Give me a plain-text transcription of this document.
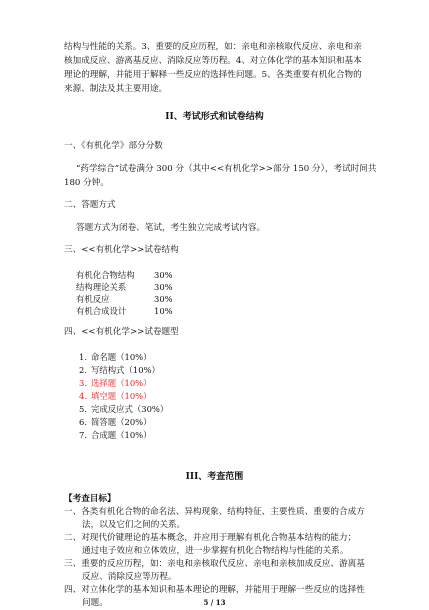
结构与性能的关系。3、重要的反应历程，如：亲电和亲核取代反应、亲电和亲
核加成反应、游离基反应、消除反应等历程。4、对立体化学的基本知识和基本
理论的理解，并能用于解释一些反应的选择性问题。5、各类重要有机化合物的
来源、制法及其主要用途。
II、考试形式和试卷结构
一、《有机化学》部分分数
“药学综合”试卷满分 300 分（其中<<有机化学>>部分 150 分），考试时间共
180 分钟。
二、答题方式
答题方式为闭卷、笔试，考生独立完成考试内容。
三、<<有机化学>>试卷结构
有机化合物结构 30%
结构理论关系	30%
有机反应	30%
有机合成设计	10%
四、<<有机化学>>试卷题型
1. 命名题（10%）
2. 写结构式（10%）
3. 选择题（10%）
4. 填空题（10%）
5. 完成反应式（30%）
6. 简答题（20%）
7. 合成题（10%）
III、考查范围
【考查目标】
一、各类有机化合物的命名法、异构现象、结构特征、主要性质、重要的合成方
法，以及它们之间的关系。
二、对现代价键理论的基本概念，并应用于理解有机化合物基本结构的能力；
通过电子效应和立体效应，进一步掌握有机化合物结构与性能的关系。
三、重要的反应历程，如：亲电和亲核取代反应、亲电和亲核加成反应、游离基
反应、消除反应等历程。
四、对立体化学的基本知识和基本理论的理解，并能用于理解一些反应的选择性
问题。	5 / 13
